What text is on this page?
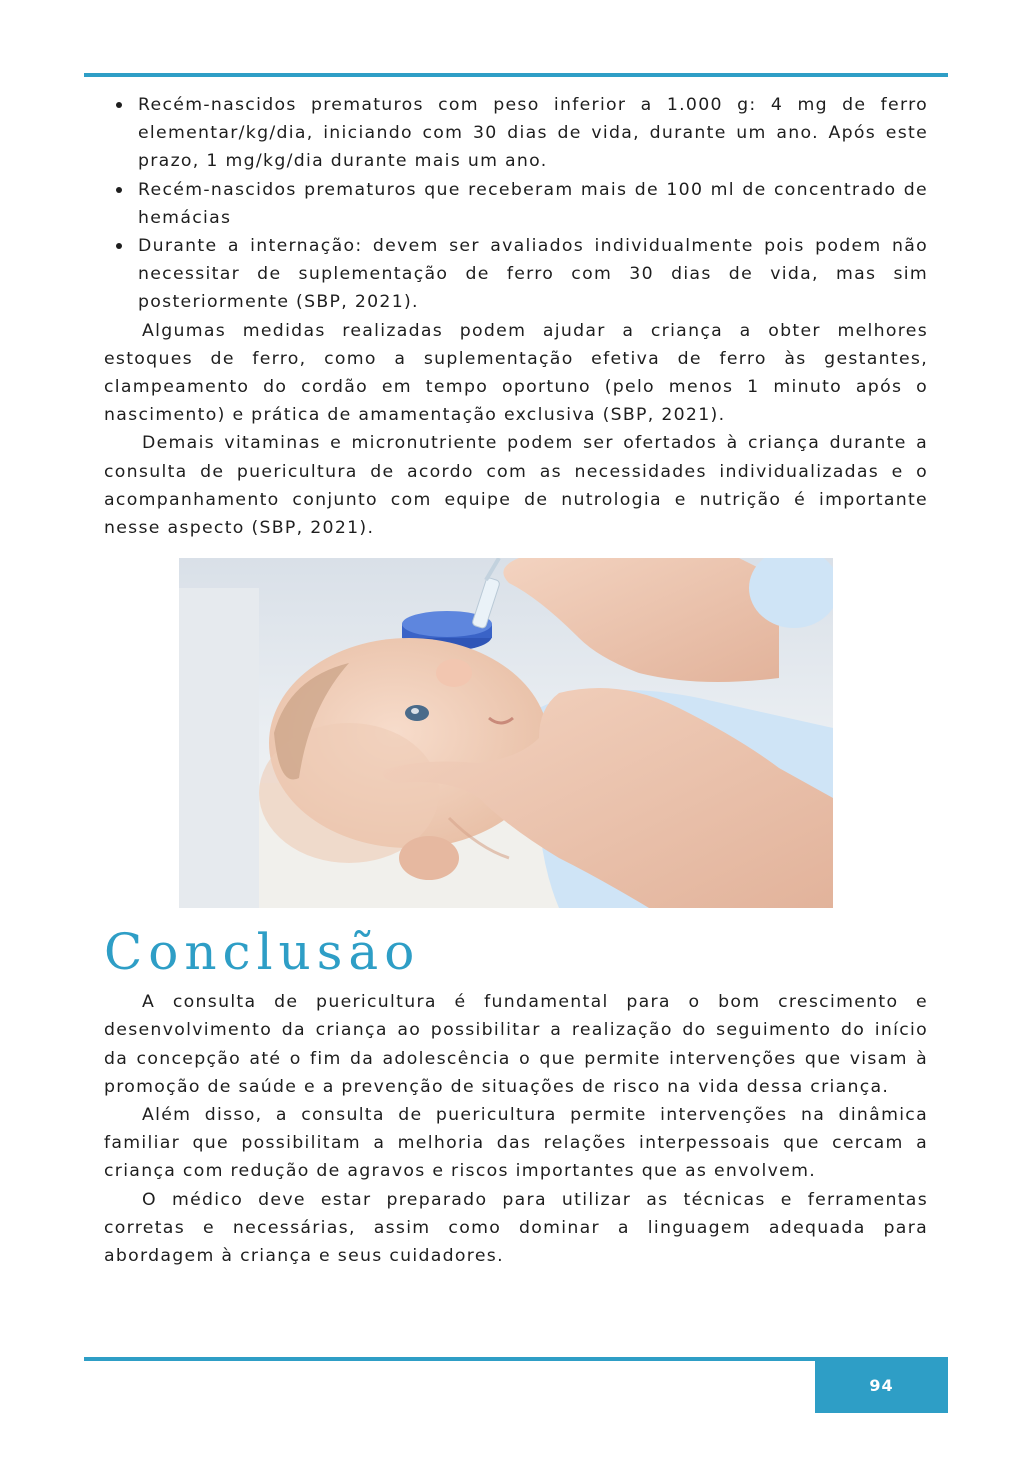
Recém-nascidos prematuros com peso inferior a 1.000 g: 4 mg de ferro elementar/kg/dia, iniciando com 30 dias de vida, durante um ano. Após este prazo, 1 mg/kg/dia durante mais um ano.
Recém-nascidos prematuros que receberam mais de 100 ml de concentrado de hemácias
Durante a internação: devem ser avaliados individualmente pois podem não necessitar de suplementação de ferro com 30 dias de vida, mas sim posteriormente (SBP, 2021).

Algumas medidas realizadas podem ajudar a criança a obter melhores estoques de ferro, como a suplementação efetiva de ferro às gestantes, clampeamento do cordão em tempo oportuno (pelo menos 1 minuto após o nascimento) e prática de amamentação exclusiva (SBP, 2021).

Demais vitaminas e micronutriente podem ser ofertados à criança durante a consulta de puericultura de acordo com as necessidades individualizadas e o acompanhamento conjunto com equipe de nutrologia e nutrição é importante nesse aspecto (SBP, 2021).

Conclusão

A consulta de puericultura é fundamental para o bom crescimento e desenvolvimento da criança ao possibilitar a realização do seguimento do início da concepção até o fim da adolescência o que permite intervenções que visam à promoção de saúde e a prevenção de situações de risco na vida dessa criança.

Além disso, a consulta de puericultura permite intervenções na dinâmica familiar que possibilitam a melhoria das relações interpessoais que cercam a criança com redução de agravos e riscos importantes que as envolvem.

O médico deve estar preparado para utilizar as técnicas e ferramentas corretas e necessárias, assim como dominar a linguagem adequada para abordagem à criança e seus cuidadores.

94
